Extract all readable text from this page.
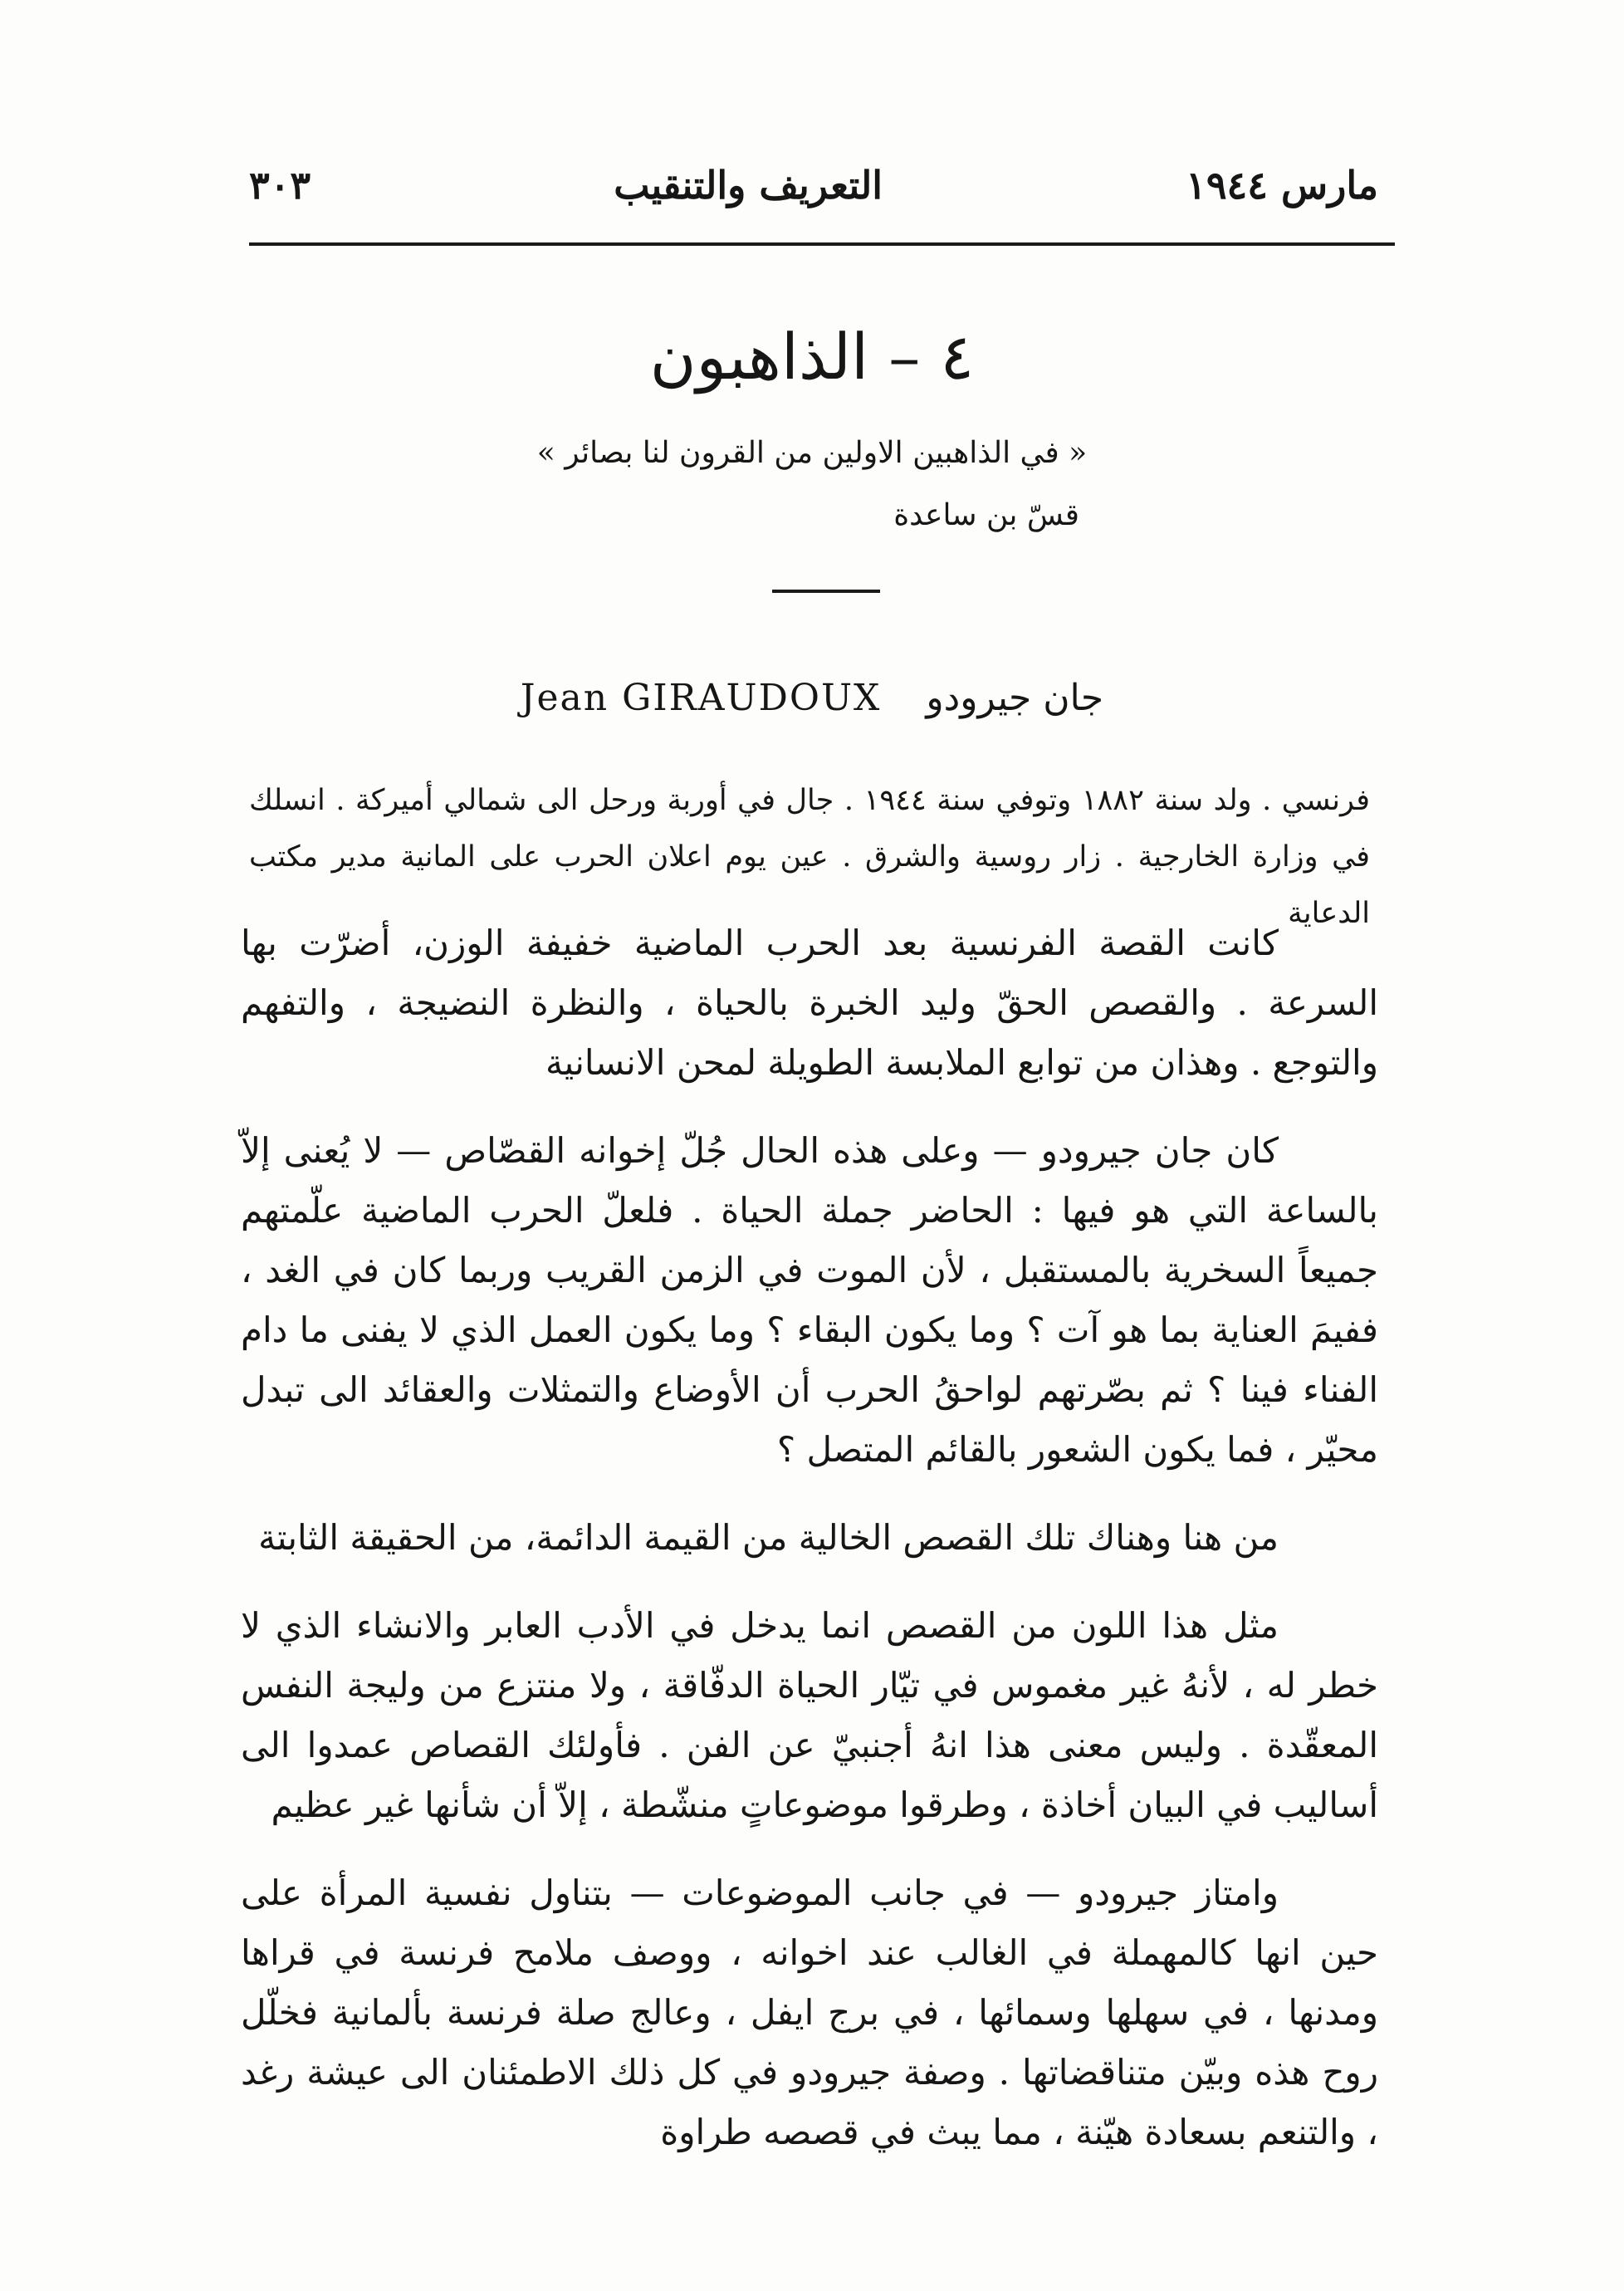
مارس ١٩٤٤
التعريف والتنقيب
٣٠٣
٤ – الذاهبون
« في الذاهبين الاولين من القرون لنا بصائر »
قسّ بن ساعدة
Jean GIRAUDOUX جان جيرودو
فرنسي . ولد سنة ١٨٨٢ وتوفي سنة ١٩٤٤ . جال في أوربة ورحل الى شمالي أميركة . انسلك في وزارة الخارجية . زار روسية والشرق . عين يوم اعلان الحرب على المانية مدير مكتب الدعاية

كانت القصة الفرنسية بعد الحرب الماضية خفيفة الوزن، أضرّت بها السرعة . والقصص الحقّ وليد الخبرة بالحياة ، والنظرة النضيجة ، والتفهم والتوجع . وهذان من توابع الملابسة الطويلة لمحن الانسانية

كان جان جيرودو — وعلى هذه الحال جُلّ إخوانه القصّاص — لا يُعنى إلاّ بالساعة التي هو فيها : الحاضر جملة الحياة . فلعلّ الحرب الماضية علّمتهم جميعاً السخرية بالمستقبل ، لأن الموت في الزمن القريب وربما كان في الغد ، ففيمَ العناية بما هو آت ؟ وما يكون البقاء ؟ وما يكون العمل الذي لا يفنى ما دام الفناء فينا ؟ ثم بصّرتهم لواحقُ الحرب أن الأوضاع والتمثلات والعقائد الى تبدل محيّر ، فما يكون الشعور بالقائم المتصل ؟

من هنا وهناك تلك القصص الخالية من القيمة الدائمة، من الحقيقة الثابتة

مثل هذا اللون من القصص انما يدخل في الأدب العابر والانشاء الذي لا خطر له ، لأنهُ غير مغموس في تيّار الحياة الدفّاقة ، ولا منتزع من وليجة النفس المعقّدة . وليس معنى هذا انهُ أجنبيّ عن الفن . فأولئك القصاص عمدوا الى أساليب في البيان أخاذة ، وطرقوا موضوعاتٍ منشّطة ، إلاّ أن شأنها غير عظيم

وامتاز جيرودو — في جانب الموضوعات — بتناول نفسية المرأة على حين انها كالمهملة في الغالب عند اخوانه ، ووصف ملامح فرنسة في قراها ومدنها ، في سهلها وسمائها ، في برج ايفل ، وعالج صلة فرنسة بألمانية فخلّل روح هذه وبيّن متناقضاتها . وصفة جيرودو في كل ذلك الاطمئنان الى عيشة رغد ، والتنعم بسعادة هيّنة ، مما يبث في قصصه طراوة
